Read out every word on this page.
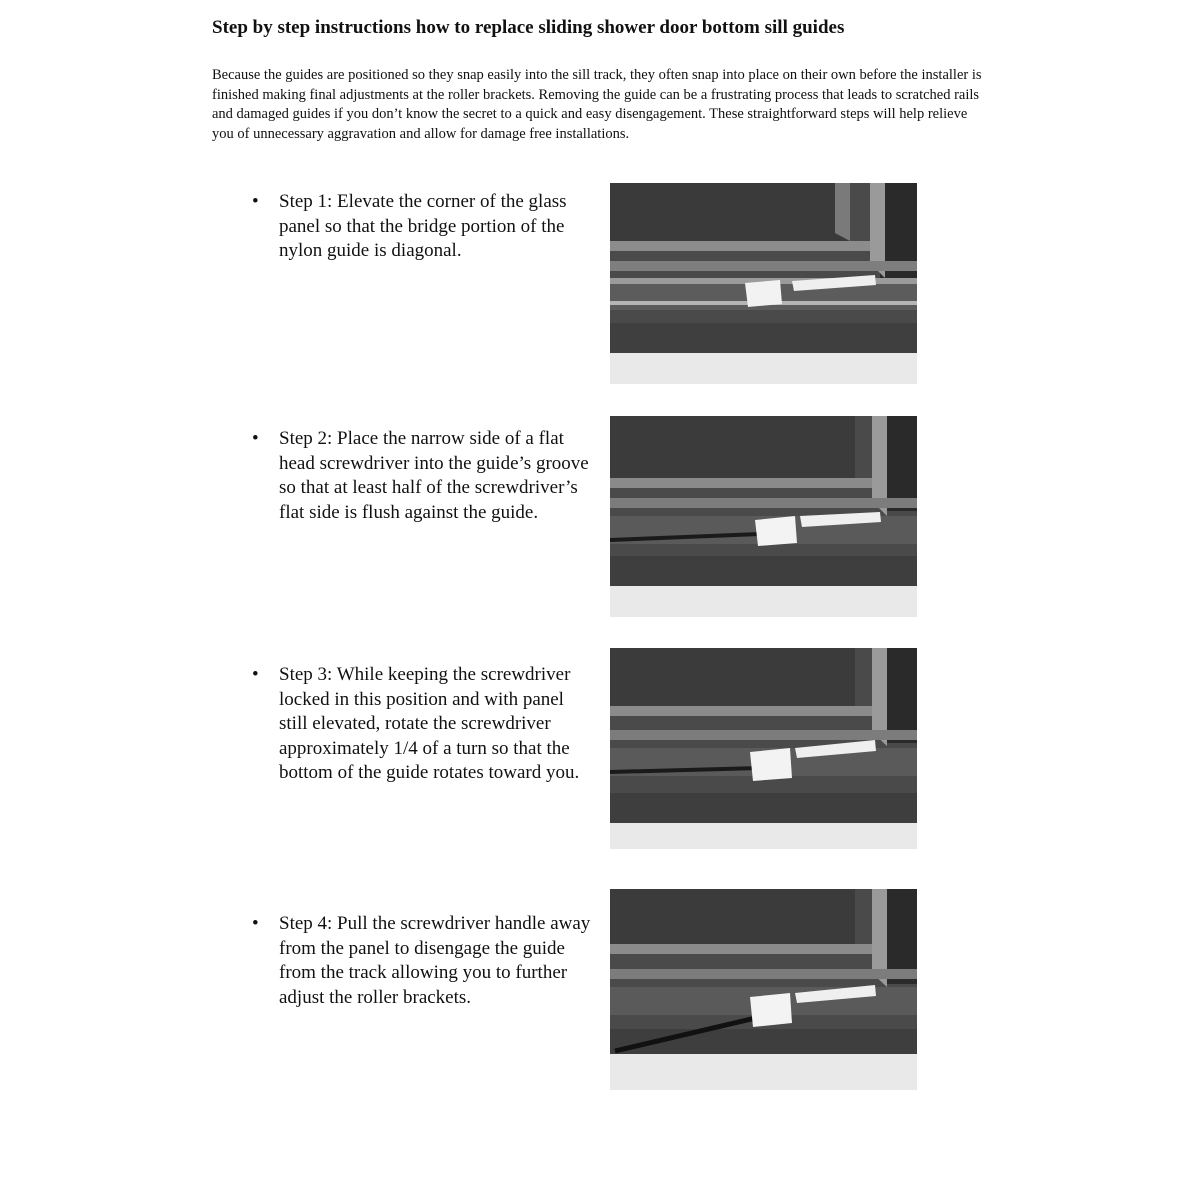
Step by step instructions how to replace sliding shower door bottom sill guides
Because the guides are positioned so they snap easily into the sill track, they often snap into place on their own before the installer is finished making final adjustments at the roller brackets. Removing the guide can be a frustrating process that leads to scratched rails and damaged guides if you don’t know the secret to a quick and easy disengagement. These straightforward steps will help relieve you of unnecessary aggravation and allow for damage free installations.
• Step 1: Elevate the corner of the glass panel so that the bridge portion of the nylon guide is diagonal.
• Step 2: Place the narrow side of a flat head screwdriver into the guide’s groove so that at least half of the screwdriver’s flat side is flush against the guide.
• Step 3: While keeping the screwdriver locked in this position and with panel still elevated, rotate the screwdriver approximately 1/4 of a turn so that the bottom of the guide rotates toward you.
• Step 4: Pull the screwdriver handle away from the panel to disengage the guide from the track allowing you to further adjust the roller brackets.
